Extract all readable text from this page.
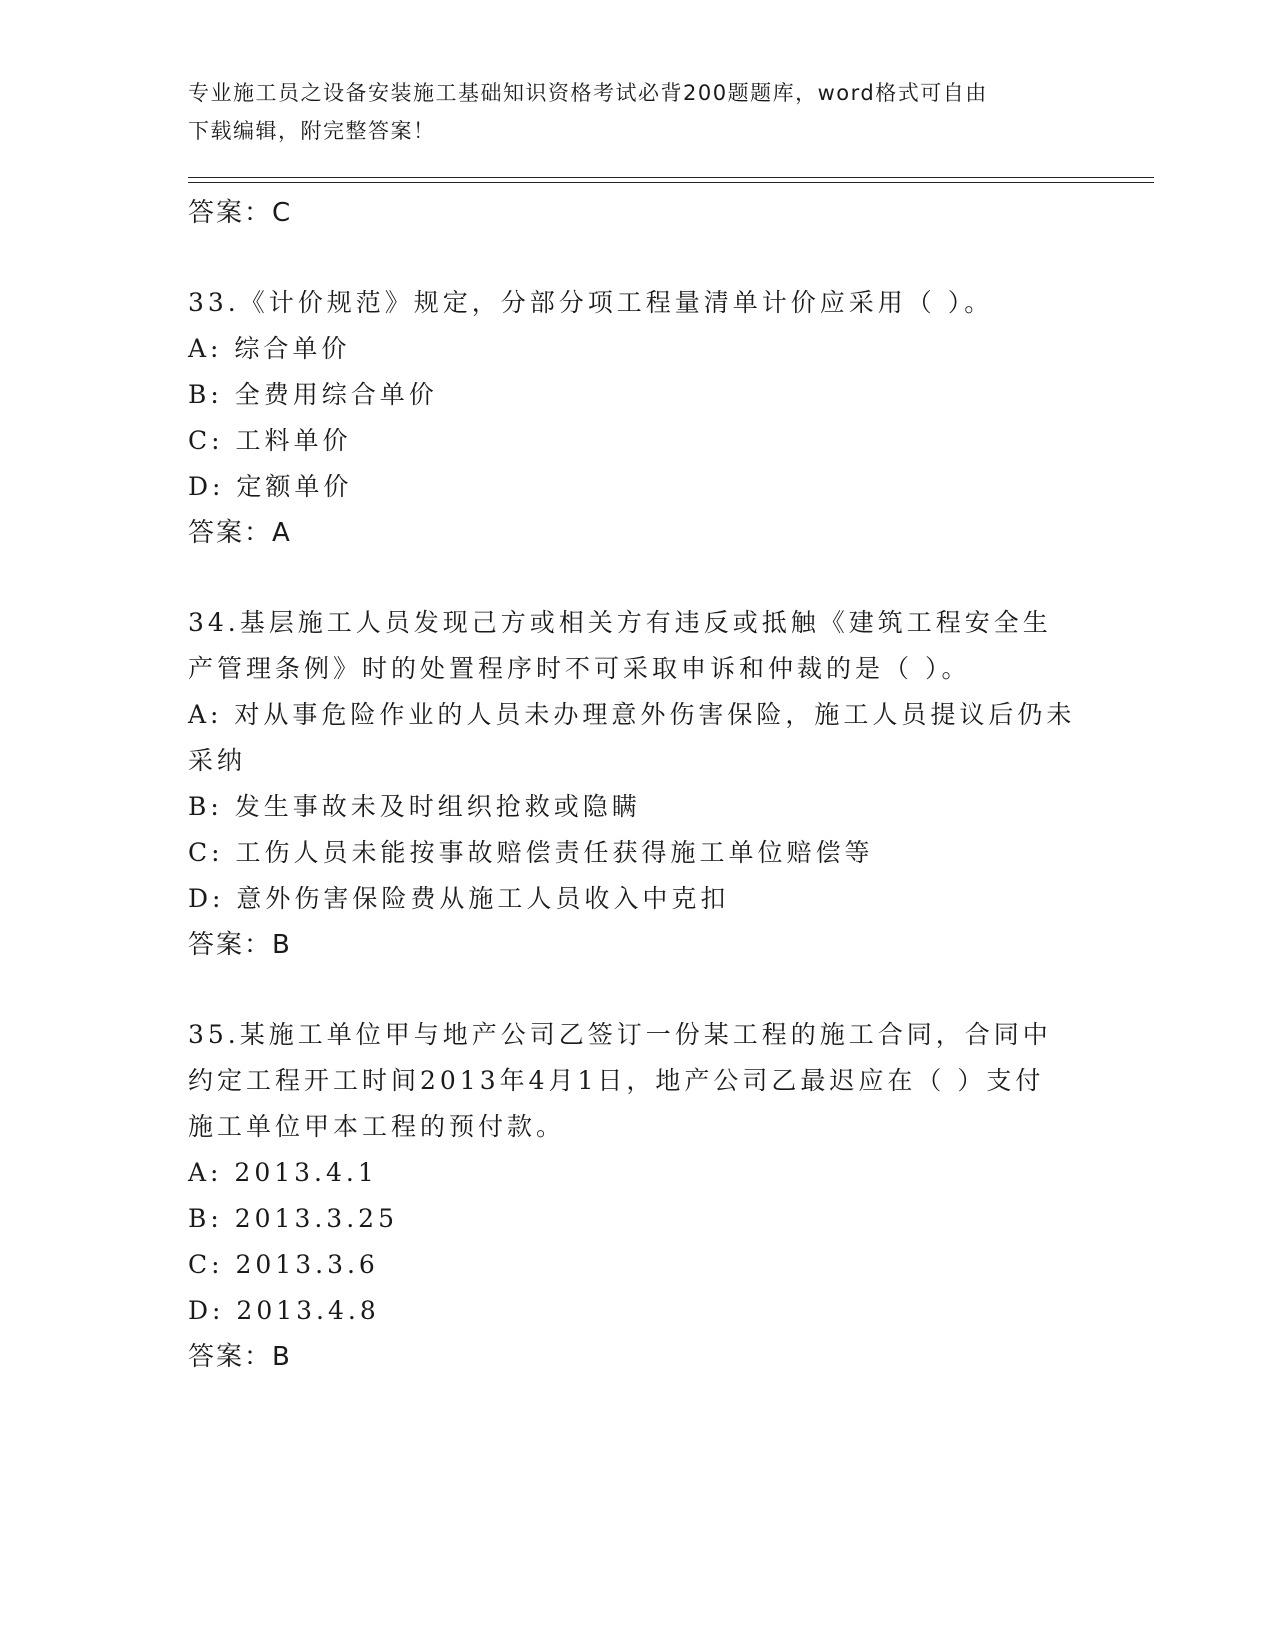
专业施工员之设备安装施工基础知识资格考试必背200题题库，word格式可自由
下载编辑，附完整答案！
答案：C
33.《计价规范》规定，分部分项工程量清单计价应采用（ ）。
A: 综合单价
B: 全费用综合单价
C: 工料单价
D: 定额单价
答案：A
34.基层施工人员发现己方或相关方有违反或抵触《建筑工程安全生产管理条例》时的处置程序时不可采取申诉和仲裁的是（ ）。
A: 对从事危险作业的人员未办理意外伤害保险，施工人员提议后仍未采纳
B: 发生事故未及时组织抢救或隐瞒
C: 工伤人员未能按事故赔偿责任获得施工单位赔偿等
D: 意外伤害保险费从施工人员收入中克扣
答案：B
35.某施工单位甲与地产公司乙签订一份某工程的施工合同，合同中约定工程开工时间2013年4月1日，地产公司乙最迟应在（ ）支付施工单位甲本工程的预付款。
A: 2013.4.1
B: 2013.3.25
C: 2013.3.6
D: 2013.4.8
答案：B
